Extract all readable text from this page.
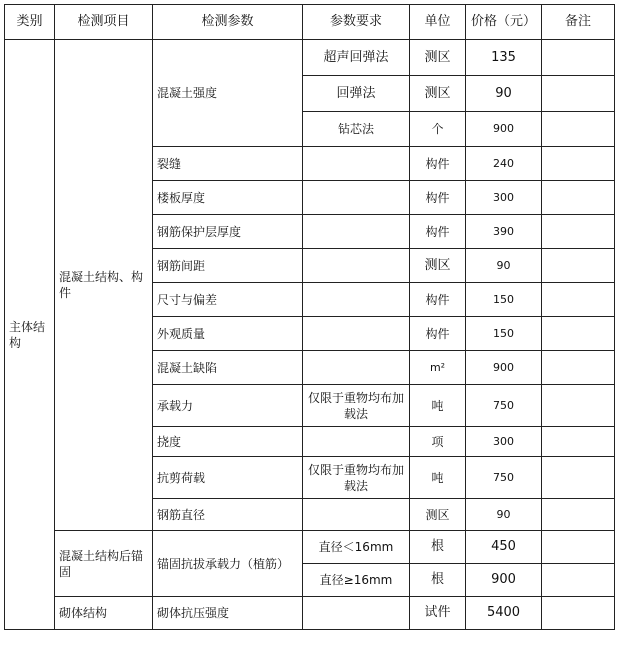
类别	检测项目	检测参数	参数要求	单位	价格（元）	备注
主体结构	混凝土结构、构件	混凝土强度	超声回弹法	测区	135	
			回弹法	测区	90	
			钻芯法	个	900	
		裂缝		构件	240	
		楼板厚度		构件	300	
		钢筋保护层厚度		构件	390	
		钢筋间距		测区	90	
		尺寸与偏差		构件	150	
		外观质量		构件	150	
		混凝土缺陷		m²	900	
		承载力	仅限于重物均布加载法	吨	750	
		挠度		项	300	
		抗剪荷载	仅限于重物均布加载法	吨	750	
		钢筋直径		测区	90	
	混凝土结构后锚固	锚固抗拔承载力（植筋）	直径＜16mm	根	450	
			直径≥16mm	根	900	
	砌体结构	砌体抗压强度		试件	5400	
